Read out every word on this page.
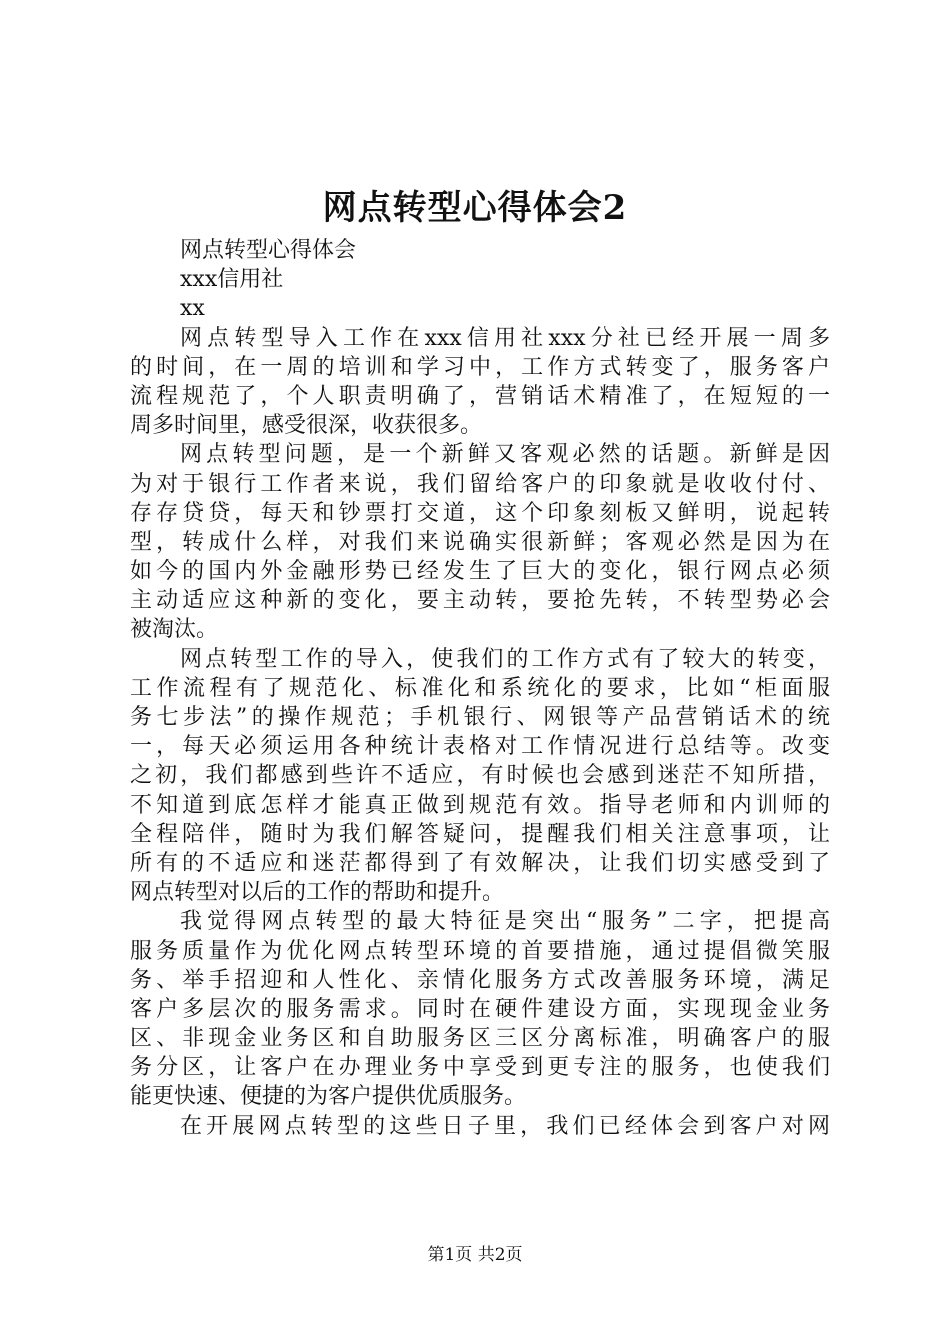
网点转型心得体会2
网点转型心得体会
xxx信用社
xx
网点转型导入工作在xxx信用社xxx分社已经开展一周多
的时间，在一周的培训和学习中，工作方式转变了，服务客户
流程规范了，个人职责明确了，营销话术精准了，在短短的一
周多时间里，感受很深，收获很多。
网点转型问题，是一个新鲜又客观必然的话题。新鲜是因
为对于银行工作者来说，我们留给客户的印象就是收收付付、
存存贷贷，每天和钞票打交道，这个印象刻板又鲜明，说起转
型，转成什么样，对我们来说确实很新鲜；客观必然是因为在
如今的国内外金融形势已经发生了巨大的变化，银行网点必须
主动适应这种新的变化，要主动转，要抢先转，不转型势必会
被淘汰。
网点转型工作的导入，使我们的工作方式有了较大的转变，
工作流程有了规范化、标准化和系统化的要求，比如“柜面服
务七步法”的操作规范；手机银行、网银等产品营销话术的统
一，每天必须运用各种统计表格对工作情况进行总结等。改变
之初，我们都感到些许不适应，有时候也会感到迷茫不知所措，
不知道到底怎样才能真正做到规范有效。指导老师和内训师的
全程陪伴，随时为我们解答疑问，提醒我们相关注意事项，让
所有的不适应和迷茫都得到了有效解决，让我们切实感受到了
网点转型对以后的工作的帮助和提升。
我觉得网点转型的最大特征是突出“服务”二字，把提高
服务质量作为优化网点转型环境的首要措施，通过提倡微笑服
务、举手招迎和人性化、亲情化服务方式改善服务环境，满足
客户多层次的服务需求。同时在硬件建设方面，实现现金业务
区、非现金业务区和自助服务区三区分离标准，明确客户的服
务分区，让客户在办理业务中享受到更专注的服务，也使我们
能更快速、便捷的为客户提供优质服务。
在开展网点转型的这些日子里，我们已经体会到客户对网
第1页 共2页
